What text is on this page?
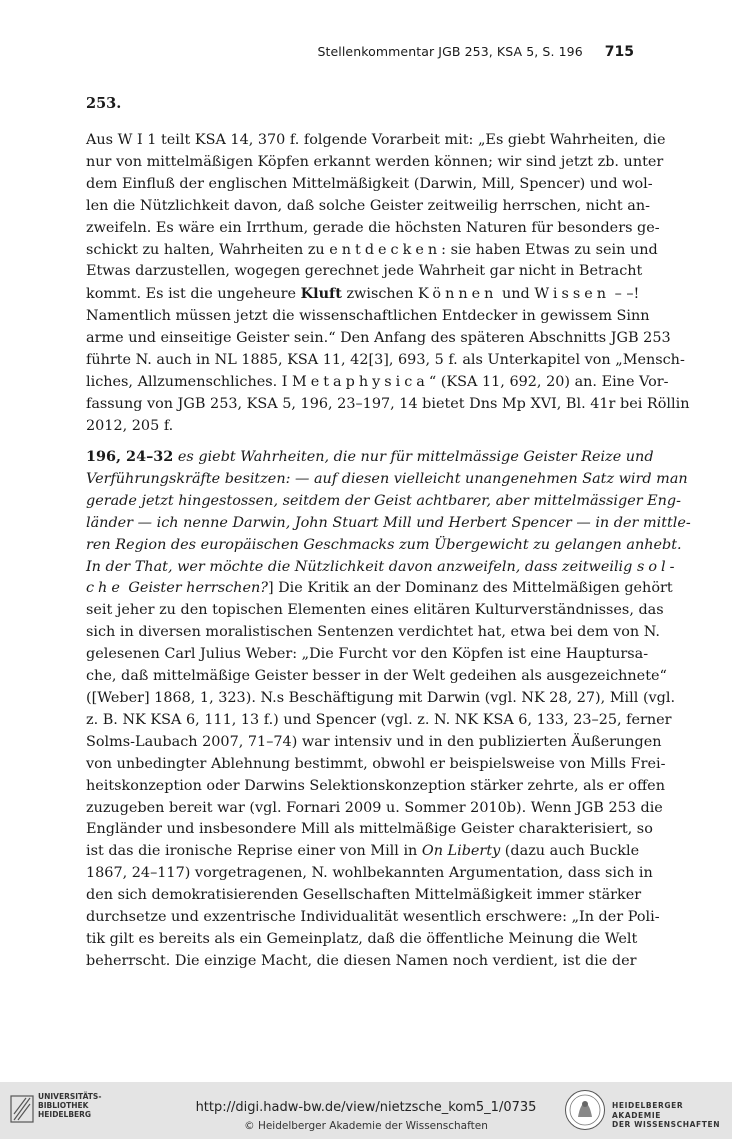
Stellenkommentar JGB 253, KSA 5, S. 196 715
253.
Aus W I 1 teilt KSA 14, 370 f. folgende Vorarbeit mit: „Es giebt Wahrheiten, die
nur von mittelmäßigen Köpfen erkannt werden können; wir sind jetzt zb. unter
dem Einfluß der englischen Mittelmäßigkeit (Darwin, Mill, Spencer) und wol-
len die Nützlichkeit davon, daß solche Geister zeitweilig herrschen, nicht an-
zweifeln. Es wäre ein Irrthum, gerade die höchsten Naturen für besonders ge-
schickt zu halten, Wahrheiten zu entdecken: sie haben Etwas zu sein und
Etwas darzustellen, wogegen gerechnet jede Wahrheit gar nicht in Betracht
kommt. Es ist die ungeheure Kluft zwischen Können und Wissen – –!
Namentlich müssen jetzt die wissenschaftlichen Entdecker in gewissem Sinn
arme und einseitige Geister sein.“ Den Anfang des späteren Abschnitts JGB 253
führte N. auch in NL 1885, KSA 11, 42[3], 693, 5 f. als Unterkapitel von „Mensch-
liches, Allzumenschliches. I Metaphysica“ (KSA 11, 692, 20) an. Eine Vor-
fassung von JGB 253, KSA 5, 196, 23–197, 14 bietet Dns Mp XVI, Bl. 41r bei Röllin
2012, 205 f.
196, 24–32 es giebt Wahrheiten, die nur für mittelmässige Geister Reize und
Verführungskräfte besitzen: — auf diesen vielleicht unangenehmen Satz wird man
gerade jetzt hingestossen, seitdem der Geist achtbarer, aber mittelmässiger Eng-
länder — ich nenne Darwin, John Stuart Mill und Herbert Spencer — in der mittle-
ren Region des europäischen Geschmacks zum Übergewicht zu gelangen anhebt.
In der That, wer möchte die Nützlichkeit davon anzweifeln, dass zeitweilig sol-
che Geister herrschen?] Die Kritik an der Dominanz des Mittelmäßigen gehört
seit jeher zu den topischen Elementen eines elitären Kulturverständnisses, das
sich in diversen moralistischen Sentenzen verdichtet hat, etwa bei dem von N.
gelesenen Carl Julius Weber: „Die Furcht vor den Köpfen ist eine Hauptursa-
che, daß mittelmäßige Geister besser in der Welt gedeihen als ausgezeichnete“
([Weber] 1868, 1, 323). N.s Beschäftigung mit Darwin (vgl. NK 28, 27), Mill (vgl.
z. B. NK KSA 6, 111, 13 f.) und Spencer (vgl. z. N. NK KSA 6, 133, 23–25, ferner
Solms-Laubach 2007, 71–74) war intensiv und in den publizierten Äußerungen
von unbedingter Ablehnung bestimmt, obwohl er beispielsweise von Mills Frei-
heitskonzeption oder Darwins Selektionskonzeption stärker zehrte, als er offen
zuzugeben bereit war (vgl. Fornari 2009 u. Sommer 2010b). Wenn JGB 253 die
Engländer und insbesondere Mill als mittelmäßige Geister charakterisiert, so
ist das die ironische Reprise einer von Mill in On Liberty (dazu auch Buckle
1867, 24–117) vorgetragenen, N. wohlbekannten Argumentation, dass sich in
den sich demokratisierenden Gesellschaften Mittelmäßigkeit immer stärker
durchsetze und exzentrische Individualität wesentlich erschwere: „In der Poli-
tik gilt es bereits als ein Gemeinplatz, daß die öffentliche Meinung die Welt
beherrscht. Die einzige Macht, die diesen Namen noch verdient, ist die der
UNIVERSITÄTS-
BIBLIOTHEK
HEIDELBERG	http://digi.hadw-bw.de/view/nietzsche_kom5_1/0735
© Heidelberger Akademie der Wissenschaften
HEIDELBERGER AKADEMIE
DER WISSENSCHAFTEN
